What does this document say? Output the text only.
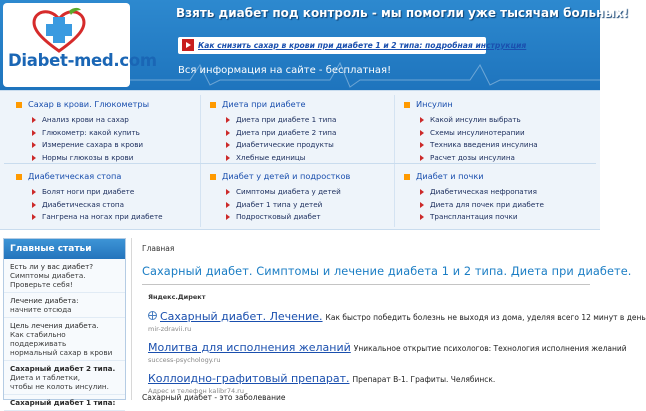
Diabet-med.com
Взять диабет под контроль - мы помогли уже тысячам больных!
Как снизить сахар в крови при диабете 1 и 2 типа: подробная инструкция
Вся информация на сайте - бесплатная!
Сахар в крови. Глюкометры
Анализ крови на сахар
Глюкометр: какой купить
Измерение сахара в крови
Нормы глюкозы в крови
Диета при диабете
Диета при диабете 1 типа
Диета при диабете 2 типа
Диабетические продукты
Хлебные единицы
Инсулин
Какой инсулин выбрать
Схемы инсулинотерапии
Техника введения инсулина
Расчет дозы инсулина
Диабетическая стопа
Болят ноги при диабете
Диабетическая стопа
Гангрена на ногах при диабете
Диабет у детей и подростков
Симптомы диабета у детей
Диабет 1 типа у детей
Подростковый диабет
Диабет и почки
Диабетическая нефропатия
Диета для почек при диабете
Трансплантация почки
Главные статьи
Есть ли у вас диабет?
Симптомы диабета.
Проверьте себя!
Лечение диабета:
начните отсюда
Цель лечения диабета.
Как стабильно поддерживать
нормальный сахар в крови
Сахарный диабет 2 типа.
Диета и таблетки,
чтобы не колоть инсулин.
Сахарный диабет 1 типа:
Главная
Сахарный диабет. Симптомы и лечение диабета 1 и 2 типа. Диета при диабете.
Яндекс.Директ
Сахарный диабет. Лечение. Как быстро победить болезнь не выходя из дома, уделяя всего 12 минут в день
mir-zdravii.ru
Молитва для исполнения желаний Уникальное открытие психологов: Технология исполнения желаний
success-psychology.ru
Коллоидно-графитовый препарат. Препарат В-1. Графиты. Челябинск.
Адрес и телефон kalibr74.ru
Сахарный диабет - это заболевание
